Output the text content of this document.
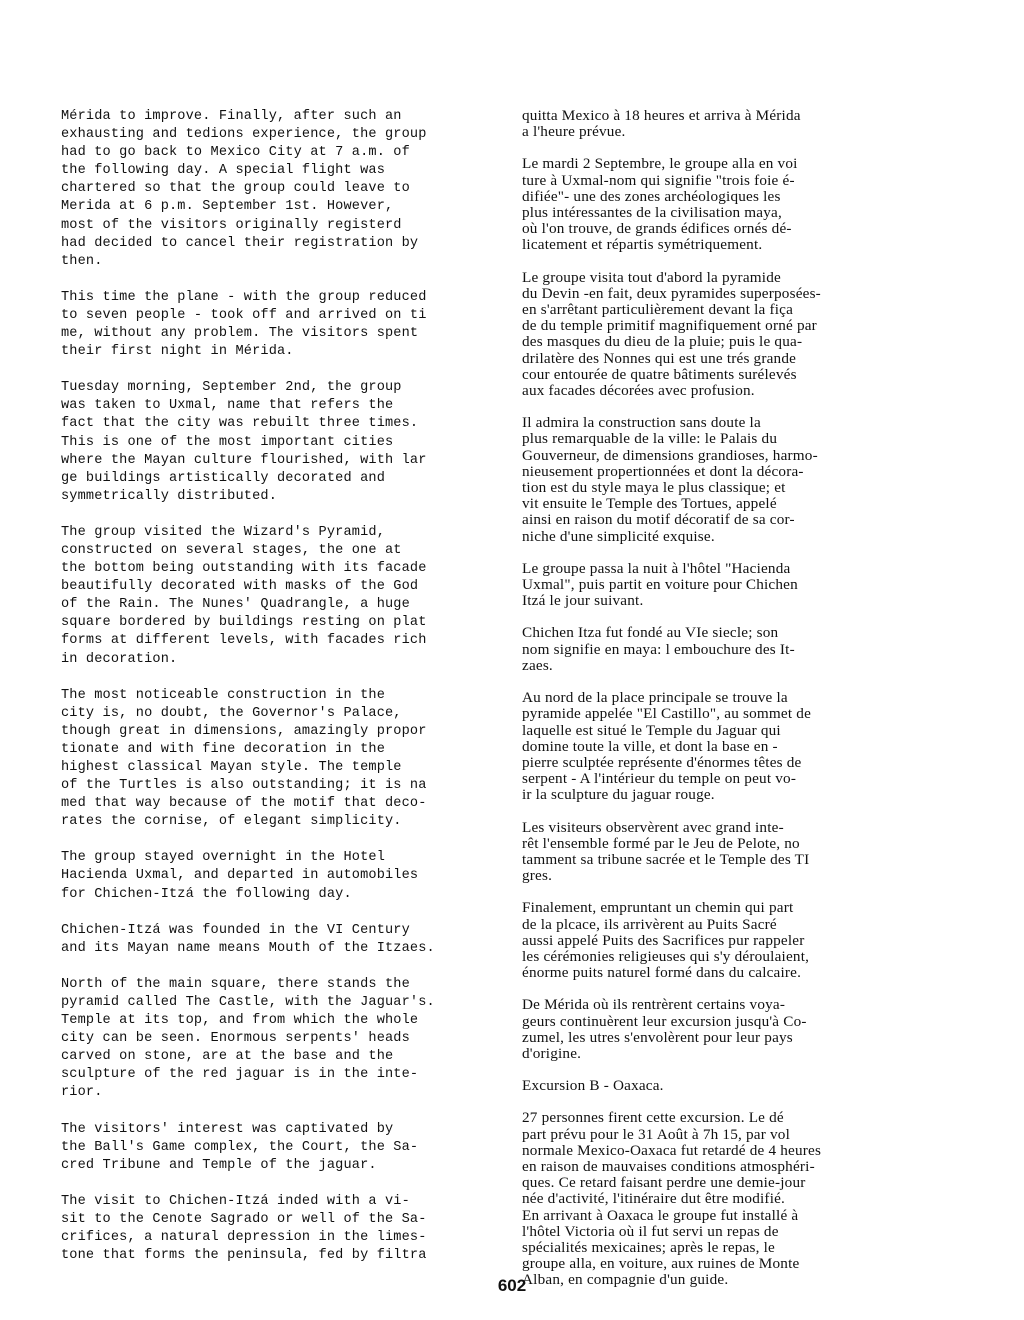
Mérida to improve. Finally, after such an
exhausting and tedions experience, the group
had to go back to Mexico City at 7 a.m. of
the following day. A special flight was
chartered so that the group could leave to
Merida at 6 p.m. September 1st. However,
most of the visitors originally registerd
had decided to cancel their registration by
then.

This time the plane - with the group reduced
to seven people - took off and arrived on ti
me, without any problem. The visitors spent
their first night in Mérida.

Tuesday morning, September 2nd, the group
was taken to Uxmal, name that refers the
fact that the city was rebuilt three times.
This is one of the most important cities
where the Mayan culture flourished, with lar
ge buildings artistically decorated and
symmetrically distributed.

The group visited the Wizard's Pyramid,
constructed on several stages, the one at
the bottom being outstanding with its facade
beautifully decorated with masks of the God
of the Rain. The Nunes' Quadrangle, a huge
square bordered by buildings resting on plat
forms at different levels, with facades rich
in decoration.

The most noticeable construction in the
city is, no doubt, the Governor's Palace,
though great in dimensions, amazingly propor
tionate and with fine decoration in the
highest classical Mayan style. The temple
of the Turtles is also outstanding; it is na
med that way because of the motif that deco-
rates the cornise, of elegant simplicity.

The group stayed overnight in the Hotel
Hacienda Uxmal, and departed in automobiles
for Chichen-Itzá the following day.

Chichen-Itzá was founded in the VI Century
and its Mayan name means Mouth of the Itzaes.

North of the main square, there stands the
pyramid called The Castle, with the Jaguar's.
Temple at its top, and from which the whole
city can be seen. Enormous serpents' heads
carved on stone, are at the base and the
sculpture of the red jaguar is in the inte-
rior.

The visitors' interest was captivated by
the Ball's Game complex, the Court, the Sa-
cred Tribune and Temple of the jaguar.

The visit to Chichen-Itzá inded with a vi-
sit to the Cenote Sagrado or well of the Sa-
crifices, a natural depression in the limes-
tone that forms the peninsula, fed by filtra

quitta Mexico à 18 heures et arriva à Mérida
a l'heure prévue.

Le mardi 2 Septembre, le groupe alla en voi
ture à Uxmal-nom qui signifie "trois foie é-
difiée"- une des zones archéologiques les
plus intéressantes de la civilisation maya,
où l'on trouve, de grands édifices ornés dé-
licatement et répartis symétriquement.

Le groupe visita tout d'abord la pyramide
du Devin -en fait, deux pyramides superposées-
en s'arrêtant particulièrement devant la fiça
de du temple primitif magnifiquement orné par
des masques du dieu de la pluie; puis le qua-
drilatère des Nonnes qui est une trés grande
cour entourée de quatre bâtiments surélevés
aux facades décorées avec profusion.

Il admira la construction sans doute la
plus remarquable de la ville: le Palais du
Gouverneur, de dimensions grandioses, harmo-
nieusement propertionnées et dont la décora-
tion est du style maya le plus classique; et
vit ensuite le Temple des Tortues, appelé
ainsi en raison du motif décoratif de sa cor-
niche d'une simplicité exquise.

Le groupe passa la nuit à l'hôtel "Hacienda
Uxmal", puis partit en voiture pour Chichen
Itzá le jour suivant.

Chichen Itza fut fondé au VIe siecle; son
nom signifie en maya: l embouchure des It-
zaes.

Au nord de la place principale se trouve la
pyramide appelée "El Castillo", au sommet de
laquelle est situé le Temple du Jaguar qui
domine toute la ville, et dont la base en -
pierre sculptée représente d'énormes têtes de
serpent - A l'intérieur du temple on peut vo-
ir la sculpture du jaguar rouge.

Les visiteurs observèrent avec grand inte-
rêt l'ensemble formé par le Jeu de Pelote, no
tamment sa tribune sacrée et le Temple des TI
gres.

Finalement, empruntant un chemin qui part
de la plcace, ils arrivèrent au Puits Sacré
aussi appelé Puits des Sacrifices pur rappeler
les cérémonies religieuses qui s'y déroulaient,
énorme puits naturel formé dans du calcaire.

De Mérida où ils rentrèrent certains voya-
geurs continuèrent leur excursion jusqu'à Co-
zumel, les utres s'envolèrent pour leur pays
d'origine.

Excursion B - Oaxaca.

27 personnes firent cette excursion. Le dé
part prévu pour le 31 Août à 7h 15, par vol
normale Mexico-Oaxaca fut retardé de 4 heures
en raison de mauvaises conditions atmosphéri-
ques. Ce retard faisant perdre une demie-jour
née d'activité, l'itinéraire dut être modifié.
En arrivant à Oaxaca le groupe fut installé à
l'hôtel Victoria où il fut servi un repas de
spécialités mexicaines; après le repas, le
groupe alla, en voiture, aux ruines de Monte
Alban, en compagnie d'un guide.

602
